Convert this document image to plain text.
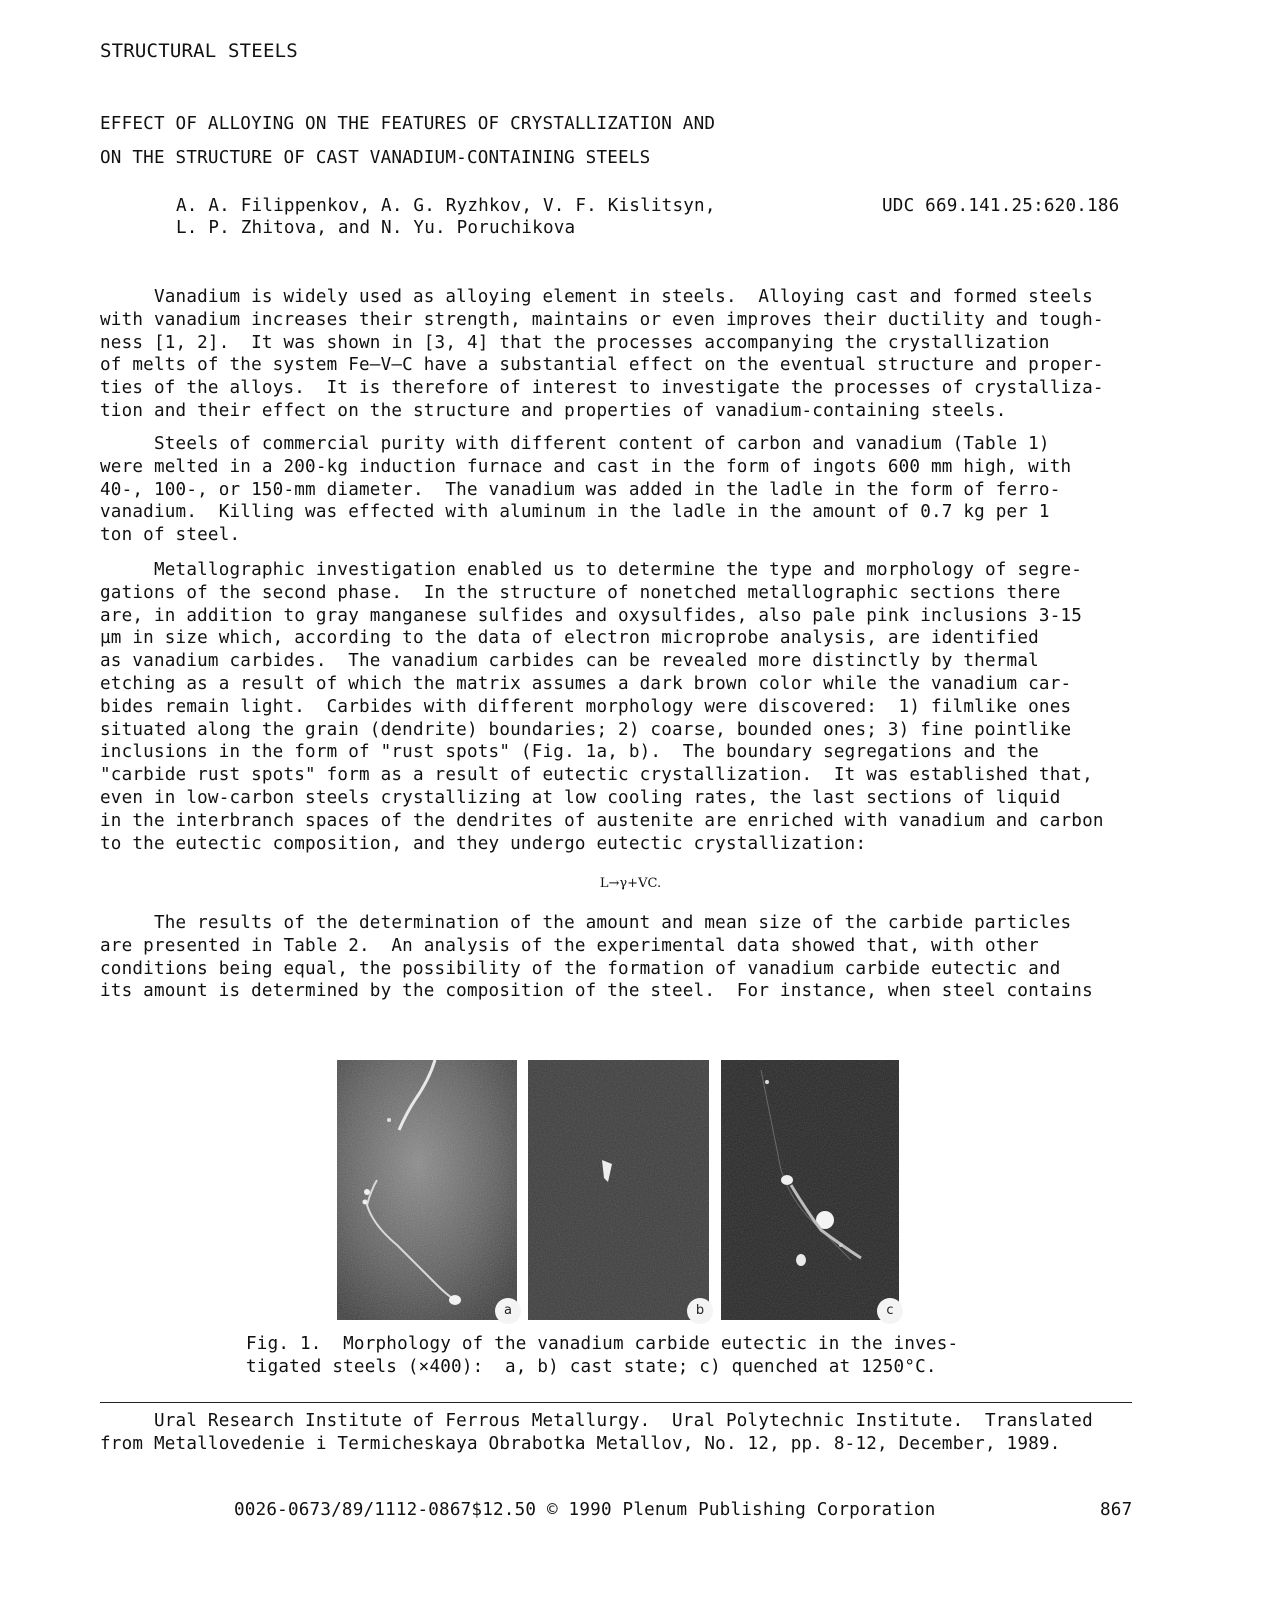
STRUCTURAL STEELS
EFFECT OF ALLOYING ON THE FEATURES OF CRYSTALLIZATION AND
ON THE STRUCTURE OF CAST VANADIUM-CONTAINING STEELS
A. A. Filippenkov, A. G. Ryzhkov, V. F. Kislitsyn,
L. P. Zhitova, and N. Yu. Poruchikova
UDC 669.141.25:620.186
Vanadium is widely used as alloying element in steels.  Alloying cast and formed steels
with vanadium increases their strength, maintains or even improves their ductility and tough-
ness [1, 2].  It was shown in [3, 4] that the processes accompanying the crystallization
of melts of the system Fe—V—C have a substantial effect on the eventual structure and proper-
ties of the alloys.  It is therefore of interest to investigate the processes of crystalliza-
tion and their effect on the structure and properties of vanadium-containing steels.
Steels of commercial purity with different content of carbon and vanadium (Table 1)
were melted in a 200-kg induction furnace and cast in the form of ingots 600 mm high, with
40-, 100-, or 150-mm diameter.  The vanadium was added in the ladle in the form of ferro-
vanadium.  Killing was effected with aluminum in the ladle in the amount of 0.7 kg per 1
ton of steel.
Metallographic investigation enabled us to determine the type and morphology of segre-
gations of the second phase.  In the structure of nonetched metallographic sections there
are, in addition to gray manganese sulfides and oxysulfides, also pale pink inclusions 3-15
µm in size which, according to the data of electron microprobe analysis, are identified
as vanadium carbides.  The vanadium carbides can be revealed more distinctly by thermal
etching as a result of which the matrix assumes a dark brown color while the vanadium car-
bides remain light.  Carbides with different morphology were discovered:  1) filmlike ones
situated along the grain (dendrite) boundaries; 2) coarse, bounded ones; 3) fine pointlike
inclusions in the form of "rust spots" (Fig. 1a, b).  The boundary segregations and the
"carbide rust spots" form as a result of eutectic crystallization.  It was established that,
even in low-carbon steels crystallizing at low cooling rates, the last sections of liquid
in the interbranch spaces of the dendrites of austenite are enriched with vanadium and carbon
to the eutectic composition, and they undergo eutectic crystallization:
L→γ+VC.
The results of the determination of the amount and mean size of the carbide particles
are presented in Table 2.  An analysis of the experimental data showed that, with other
conditions being equal, the possibility of the formation of vanadium carbide eutectic and
its amount is determined by the composition of the steel.  For instance, when steel contains
a	b	c
Fig. 1.  Morphology of the vanadium carbide eutectic in the inves-
tigated steels (×400):  a, b) cast state; c) quenched at 1250°C.
Ural Research Institute of Ferrous Metallurgy.  Ural Polytechnic Institute.  Translated
from Metallovedenie i Termicheskaya Obrabotka Metallov, No. 12, pp. 8-12, December, 1989.
0026-0673/89/1112-0867$12.50 © 1990 Plenum Publishing Corporation	867
